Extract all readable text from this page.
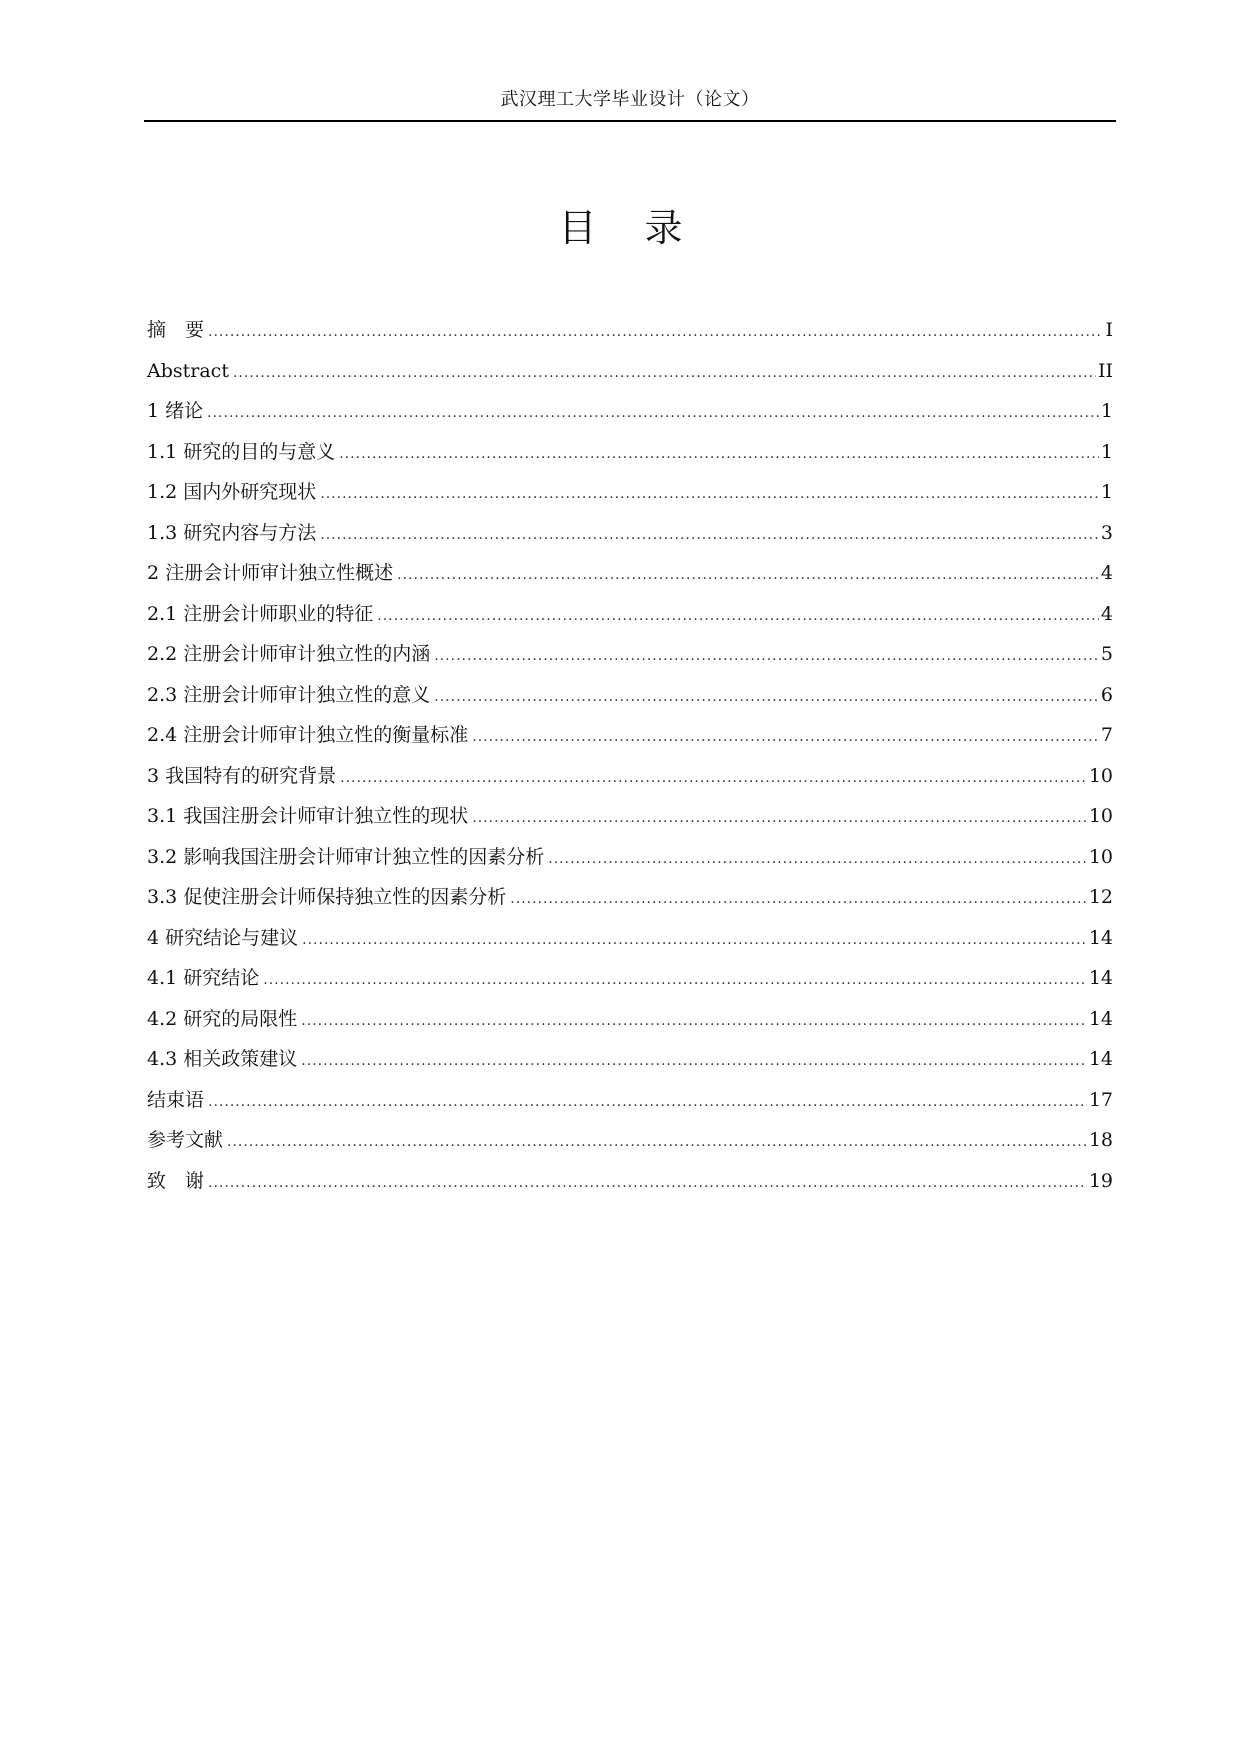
武汉理工大学毕业设计（论文）
目录
摘　要 .....	I
Abstract .....	II
1 绪论 .....	1
1.1 研究的目的与意义 .....	1
1.2 国内外研究现状 .....	1
1.3 研究内容与方法 .....	3
2 注册会计师审计独立性概述 .....	4
2.1 注册会计师职业的特征 .....	4
2.2 注册会计师审计独立性的内涵 .....	5
2.3 注册会计师审计独立性的意义 .....	6
2.4 注册会计师审计独立性的衡量标准 .....	7
3 我国特有的研究背景 .....	10
3.1 我国注册会计师审计独立性的现状 .....	10
3.2 影响我国注册会计师审计独立性的因素分析 .....	10
3.3 促使注册会计师保持独立性的因素分析 .....	12
4 研究结论与建议 .....	14
4.1 研究结论 .....	14
4.2 研究的局限性 .....	14
4.3 相关政策建议 .....	14
结束语 .....	17
参考文献 .....	18
致　谢 .....	19
